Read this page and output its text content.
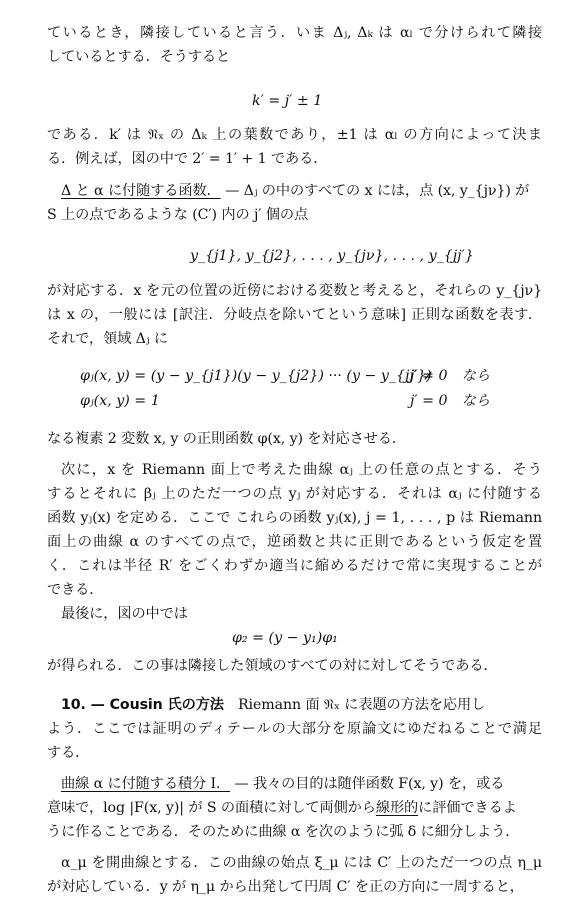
ているとき，隣接していると言う．いま Δⱼ, Δₖ は αₗ で分けられて隣接
しているとする．そうすると
k′ = j′ ± 1
である．k′ は 𝔑ₓ の Δₖ 上の葉数であり，±1 は αₗ の方向によって決ま
る．例えば，図の中で 2′ = 1′ + 1 である．
Δ と α に付随する函数． — Δⱼ の中のすべての x には，点 (x, y_{jν}) が
S 上の点であるような (C′) 内の j′ 個の点
y_{j1}, y_{j2}, . . . , y_{jν}, . . . , y_{jj′}
が対応する．x を元の位置の近傍における変数と考えると，それらの y_{jν}
は x の，一般には [訳注．分岐点を除いてという意味] 正則な函数を表す．
それで，領域 Δⱼ に
φⱼ(x, y) = (y − y_{j1})(y − y_{j2}) ··· (y − y_{jj′})
j′ ≠ 0　なら
φⱼ(x, y) = 1	j′ = 0　なら
なる複素 2 変数 x, y の正則函数 φ(x, y) を対応させる．
次に，x を Riemann 面上で考えた曲線 αⱼ 上の任意の点とする．そう
するとそれに βⱼ 上のただ一つの点 yⱼ が対応する．それは αⱼ に付随する
函数 yⱼ(x) を定める．ここで これらの函数 yⱼ(x), j = 1, . . . , p は Riemann
面上の曲線 α のすべての点で，逆函数と共に正則であるという仮定を置
く．これは半径 R′ をごくわずか適当に縮めるだけで常に実現することが
できる．
最後に，図の中では
φ₂ = (y − y₁)φ₁
が得られる．この事は隣接した領域のすべての対に対してそうである．
10. — Cousin 氏の方法　Riemann 面 𝔑ₓ に表題の方法を応用し
よう．ここでは証明のディテールの大部分を原論文にゆだねることで満足
する．
曲線 α に付随する積分 I． — 我々の目的は随伴函数 F(x, y) を，或る
意味で，log |F(x, y)| が S の面積に対して両側から線形的に評価できるよ
うに作ることである．そのために曲線 α を次のように弧 δ に細分しよう．
α_μ を開曲線とする．この曲線の始点 ξ_μ には C′ 上のただ一つの点 η_μ
が対応している．y が η_μ から出発して円周 C′ を正の方向に一周すると，
